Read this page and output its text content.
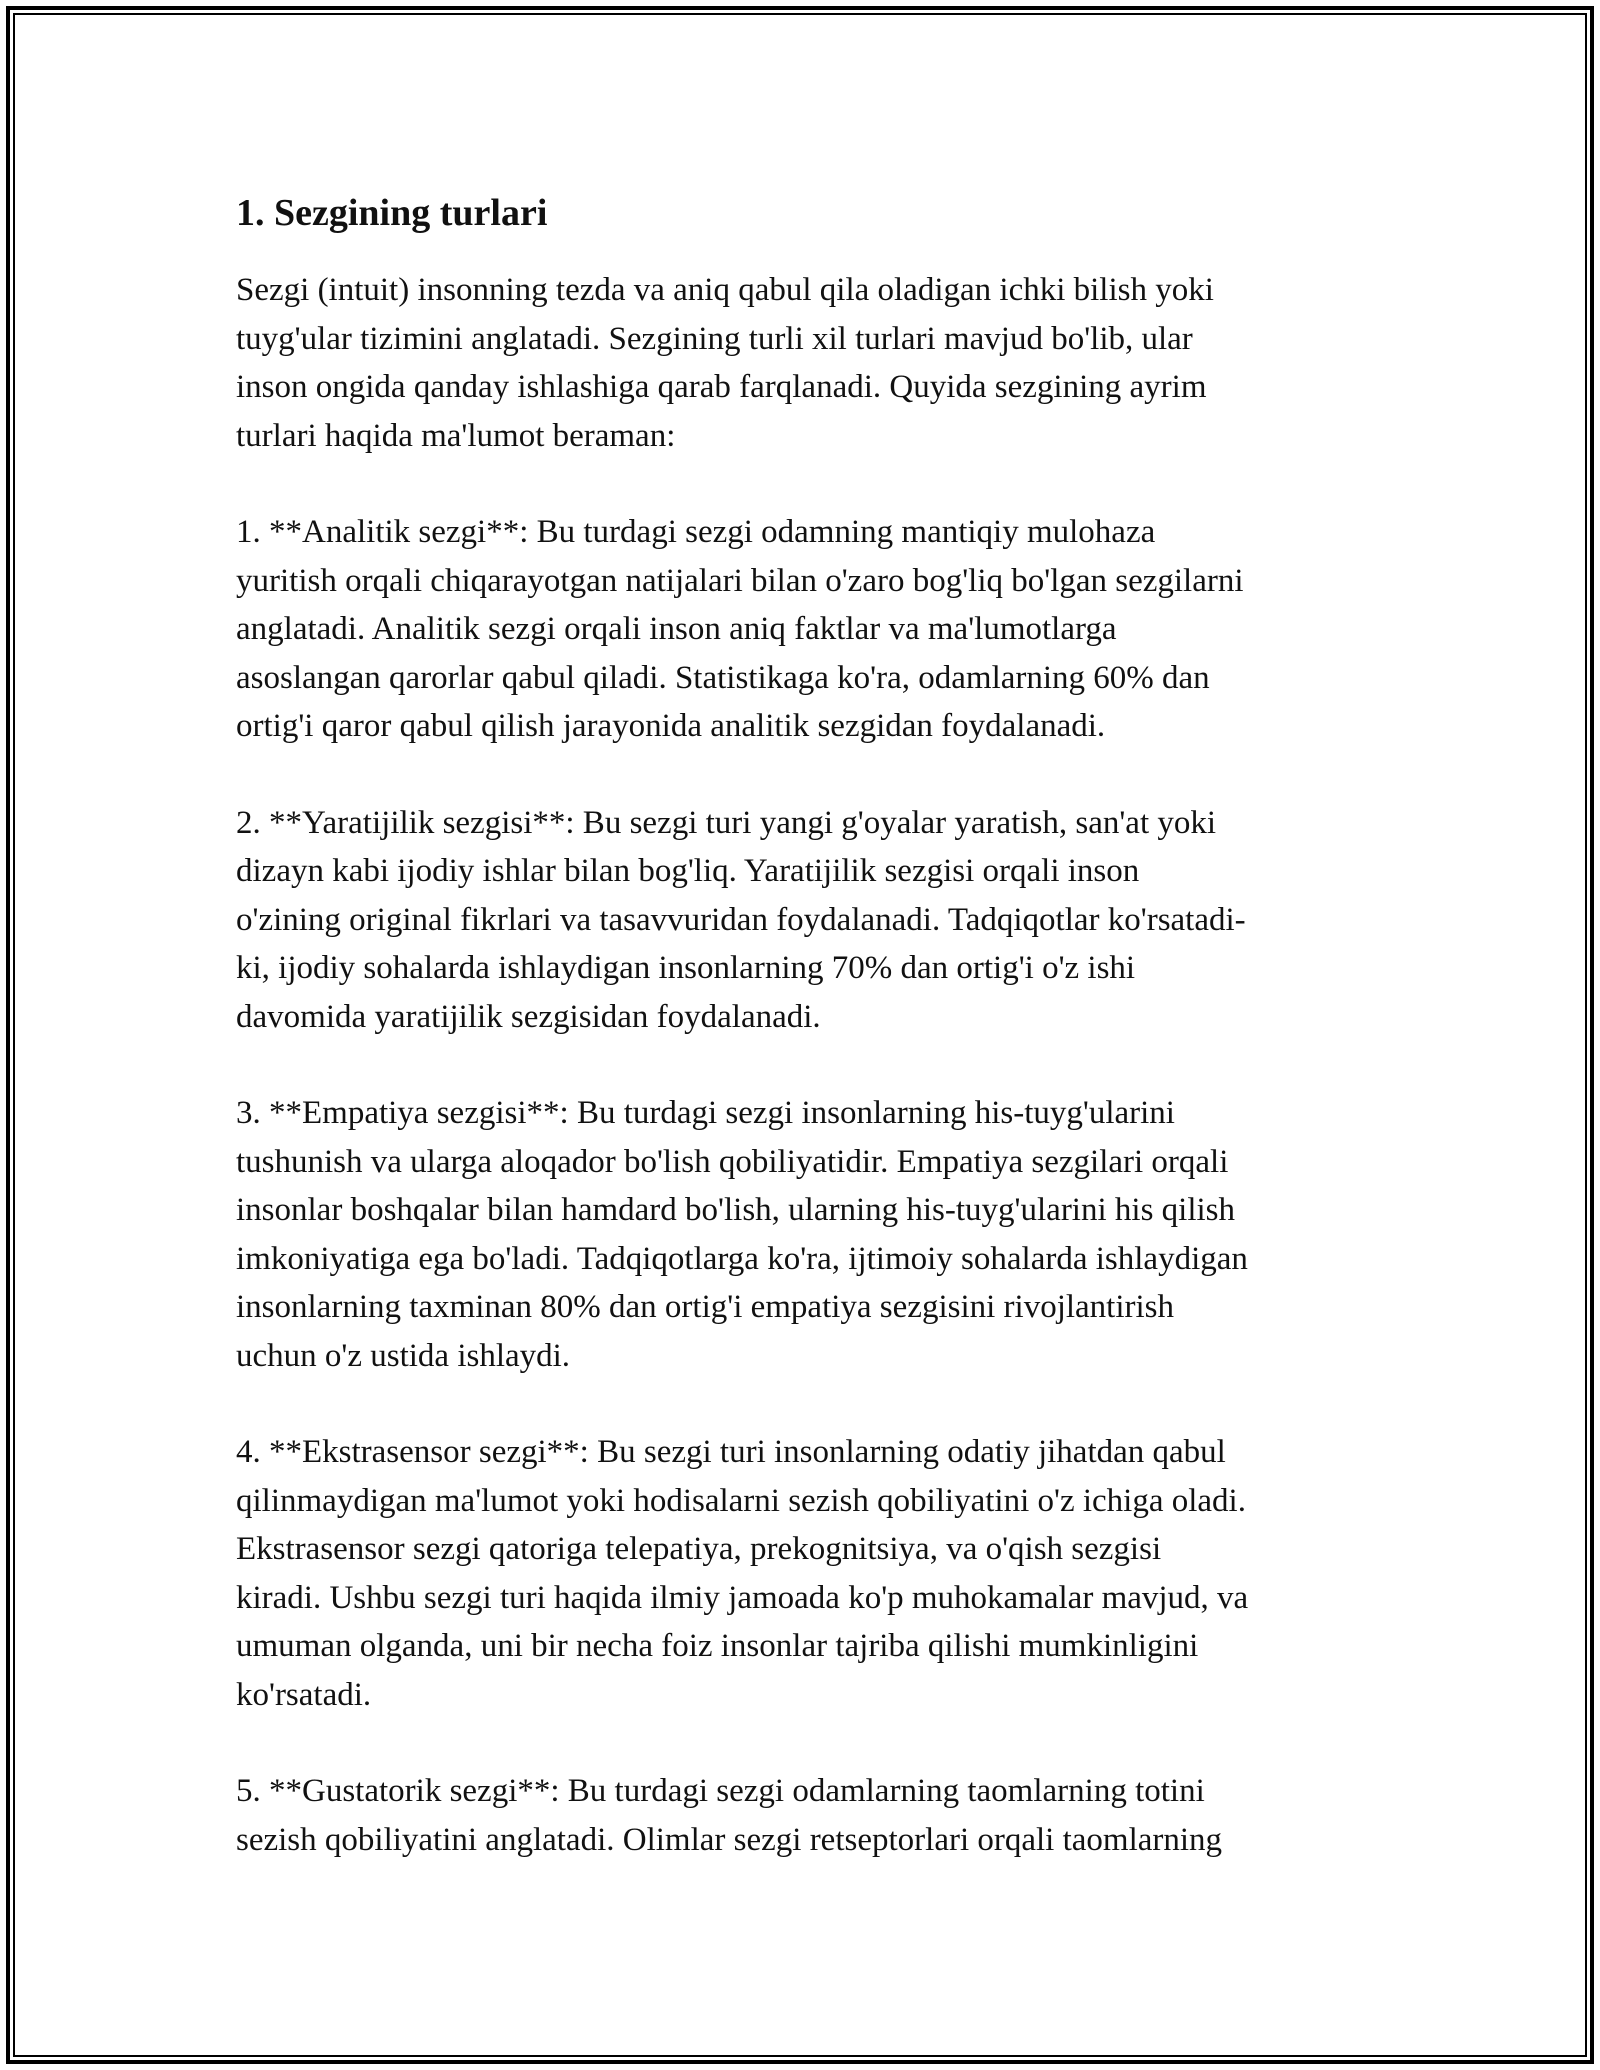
1. Sezgining turlari

Sezgi (intuit) insonning tezda va aniq qabul qila oladigan ichki bilish yoki
tuyg'ular tizimini anglatadi. Sezgining turli xil turlari mavjud bo'lib, ular
inson ongida qanday ishlashiga qarab farqlanadi. Quyida sezgining ayrim
turlari haqida ma'lumot beraman:

1. **Analitik sezgi**: Bu turdagi sezgi odamning mantiqiy mulohaza
yuritish orqali chiqarayotgan natijalari bilan o'zaro bog'liq bo'lgan sezgilarni
anglatadi. Analitik sezgi orqali inson aniq faktlar va ma'lumotlarga
asoslangan qarorlar qabul qiladi. Statistikaga ko'ra, odamlarning 60% dan
ortig'i qaror qabul qilish jarayonida analitik sezgidan foydalanadi.

2. **Yaratijilik sezgisi**: Bu sezgi turi yangi g'oyalar yaratish, san'at yoki
dizayn kabi ijodiy ishlar bilan bog'liq. Yaratijilik sezgisi orqali inson
o'zining original fikrlari va tasavvuridan foydalanadi. Tadqiqotlar ko'rsatadi-
ki, ijodiy sohalarda ishlaydigan insonlarning 70% dan ortig'i o'z ishi
davomida yaratijilik sezgisidan foydalanadi.

3. **Empatiya sezgisi**: Bu turdagi sezgi insonlarning his-tuyg'ularini
tushunish va ularga aloqador bo'lish qobiliyatidir. Empatiya sezgilari orqali
insonlar boshqalar bilan hamdard bo'lish, ularning his-tuyg'ularini his qilish
imkoniyatiga ega bo'ladi. Tadqiqotlarga ko'ra, ijtimoiy sohalarda ishlaydigan
insonlarning taxminan 80% dan ortig'i empatiya sezgisini rivojlantirish
uchun o'z ustida ishlaydi.

4. **Ekstrasensor sezgi**: Bu sezgi turi insonlarning odatiy jihatdan qabul
qilinmaydigan ma'lumot yoki hodisalarni sezish qobiliyatini o'z ichiga oladi.
Ekstrasensor sezgi qatoriga telepatiya, prekognitsiya, va o'qish sezgisi
kiradi. Ushbu sezgi turi haqida ilmiy jamoada ko'p muhokamalar mavjud, va
umuman olganda, uni bir necha foiz insonlar tajriba qilishi mumkinligini
ko'rsatadi.

5. **Gustatorik sezgi**: Bu turdagi sezgi odamlarning taomlarning totini
sezish qobiliyatini anglatadi. Olimlar sezgi retseptorlari orqali taomlarning
